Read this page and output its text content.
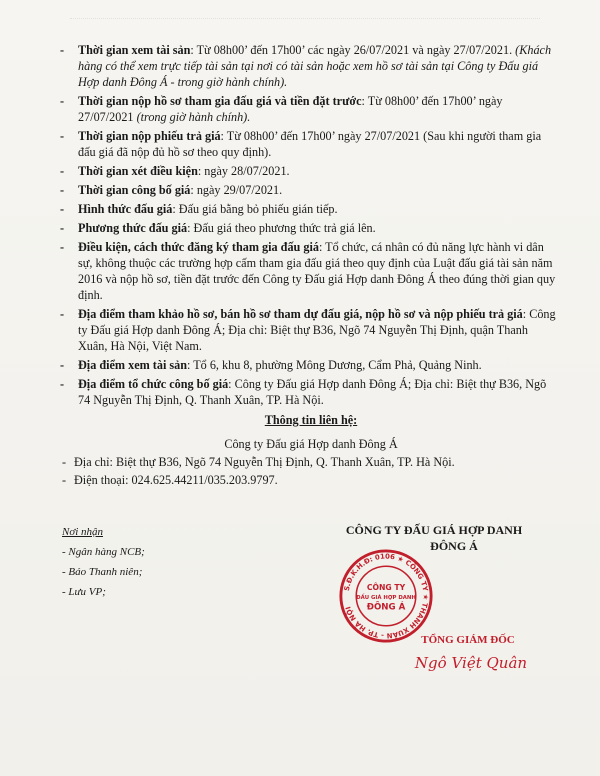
- Thời gian xem tài sản: Từ 08h00’ đến 17h00’ các ngày 26/07/2021 và ngày 27/07/2021. (Khách hàng có thể xem trực tiếp tài sản tại nơi có tài sản hoặc xem hồ sơ tài sản tại Công ty Đấu giá Hợp danh Đông Á - trong giờ hành chính).
- Thời gian nộp hồ sơ tham gia đấu giá và tiền đặt trước: Từ 08h00’ đến 17h00’ ngày 27/07/2021 (trong giờ hành chính).
- Thời gian nộp phiếu trả giá: Từ 08h00’ đến 17h00’ ngày 27/07/2021 (Sau khi người tham gia đấu giá đã nộp đủ hồ sơ theo quy định).
- Thời gian xét điều kiện: ngày 28/07/2021.
- Thời gian công bố giá: ngày 29/07/2021.
- Hình thức đấu giá: Đấu giá bằng bỏ phiếu gián tiếp.
- Phương thức đấu giá: Đấu giá theo phương thức trả giá lên.
- Điều kiện, cách thức đăng ký tham gia đấu giá: Tổ chức, cá nhân có đủ năng lực hành vi dân sự, không thuộc các trường hợp cấm tham gia đấu giá theo quy định của Luật đấu giá tài sản năm 2016 và nộp hồ sơ, tiền đặt trước đến Công ty Đấu giá Hợp danh Đông Á theo đúng thời gian quy định.
- Địa điểm tham khảo hồ sơ, bán hồ sơ tham dự đấu giá, nộp hồ sơ và nộp phiếu trả giá: Công ty Đấu giá Hợp danh Đông Á; Địa chỉ: Biệt thự B36, Ngõ 74 Nguyễn Thị Định, quận Thanh Xuân, Hà Nội, Việt Nam.
- Địa điểm xem tài sản: Tổ 6, khu 8, phường Mông Dương, Cẩm Phả, Quảng Ninh.
- Địa điểm tổ chức công bố giá: Công ty Đấu giá Hợp danh Đông Á; Địa chỉ: Biệt thự B36, Ngõ 74 Nguyễn Thị Định, Q. Thanh Xuân, TP. Hà Nội.
Thông tin liên hệ:
Công ty Đấu giá Hợp danh Đông Á
- Địa chỉ: Biệt thự B36, Ngõ 74 Nguyễn Thị Định, Q. Thanh Xuân, TP. Hà Nội.
- Điện thoại: 024.625.44211/035.203.9797.
Nơi nhận
- Ngân hàng NCB;
- Báo Thanh niên;
- Lưu VP;
CÔNG TY ĐẤU GIÁ HỢP DANH
ĐÔNG Á
S.Đ.K.H.Đ: 0106 ★ CÔNG TY ★ THANH XUÂN - TP. HÀ NỘI
CÔNG TY
ĐẤU GIÁ HỢP DANH
ĐÔNG Á
TỔNG GIÁM ĐỐC
Ngô Việt Quân
